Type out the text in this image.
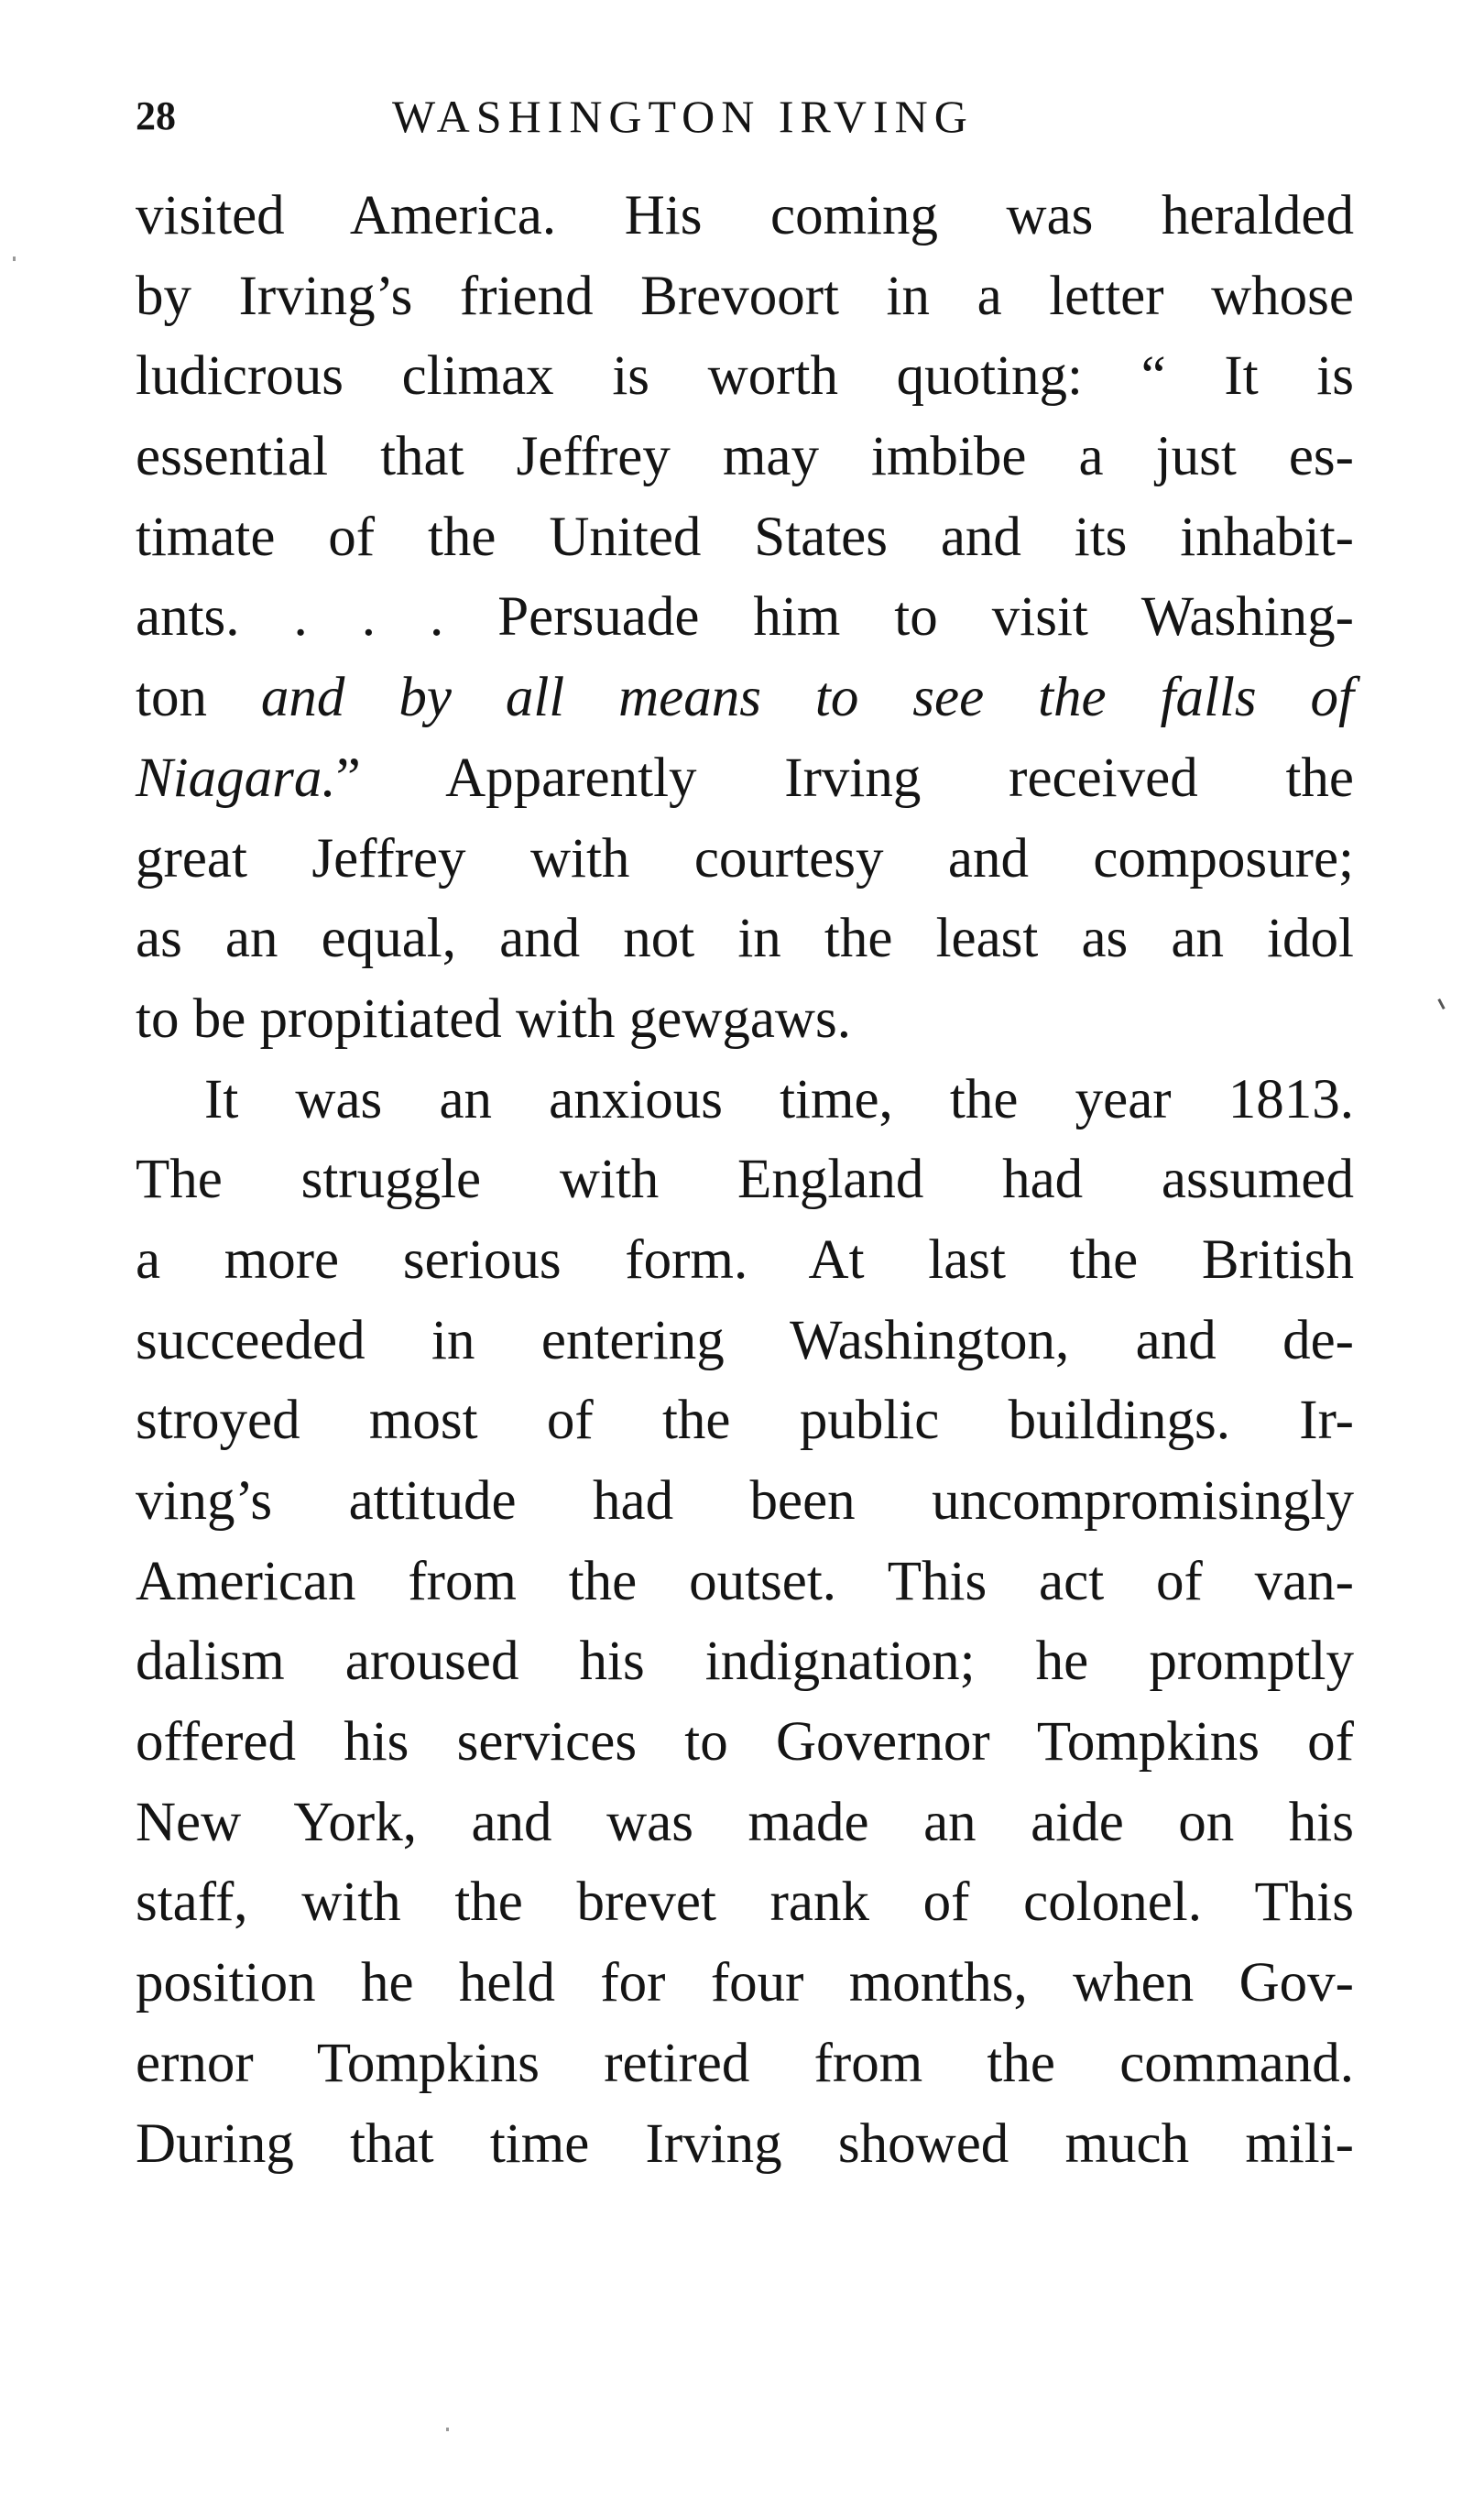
28	WASHINGTON IRVING
visited America. His coming was heralded
by Irving’s friend Brevoort in a letter whose
ludicrous climax is worth quoting: “ It is
essential that Jeffrey may imbibe a just es-
timate of the United States and its inhabit-
ants. . . . Persuade him to visit Washing-
ton and by all means to see the falls of
Niagara.” Apparently Irving received the
great Jeffrey with courtesy and composure;
as an equal, and not in the least as an idol
to be propitiated with gewgaws.
It was an anxious time, the year 1813.
The struggle with England had assumed
a more serious form. At last the British
succeeded in entering Washington, and de-
stroyed most of the public buildings. Ir-
ving’s attitude had been uncompromisingly
American from the outset. This act of van-
dalism aroused his indignation; he promptly
offered his services to Governor Tompkins of
New York, and was made an aide on his
staff, with the brevet rank of colonel. This
position he held for four months, when Gov-
ernor Tompkins retired from the command.
During that time Irving showed much mili-
